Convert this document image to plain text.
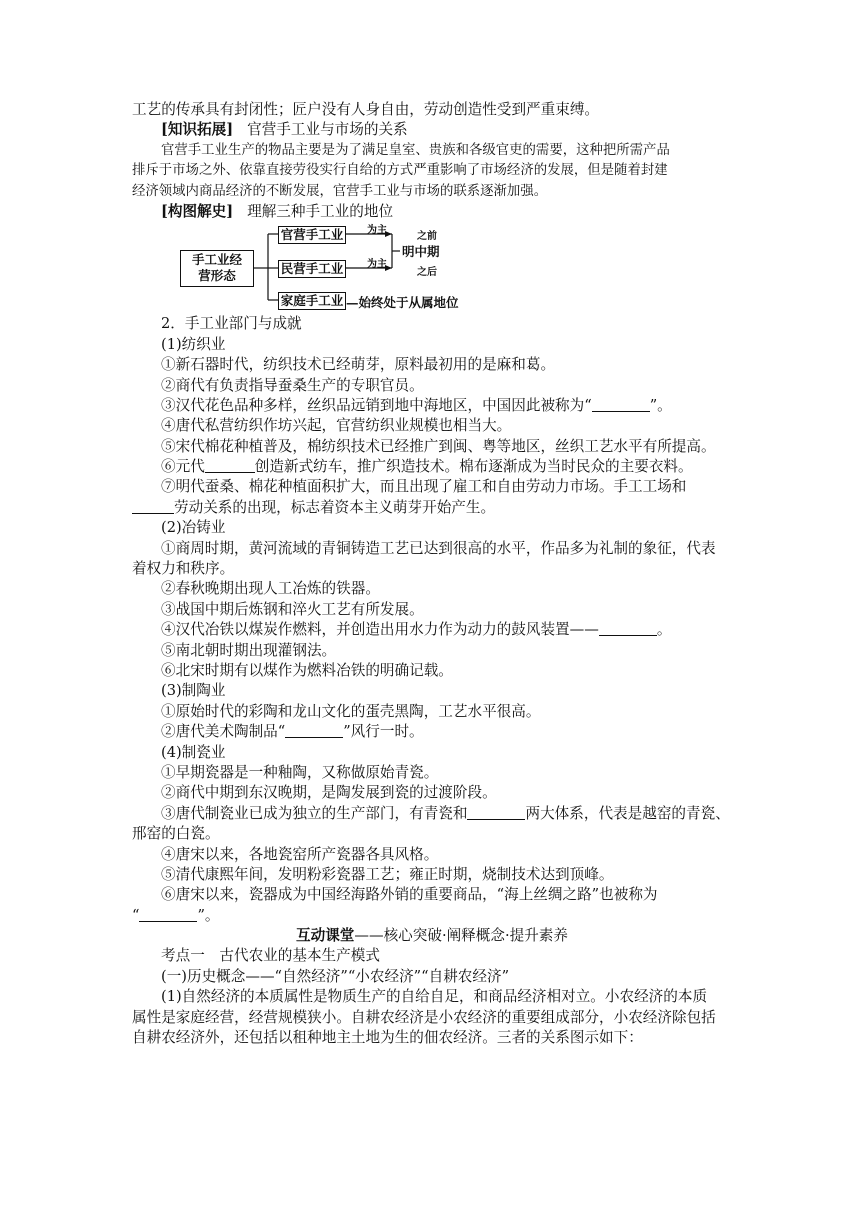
工艺的传承具有封闭性；匠户没有人身自由，劳动创造性受到严重束缚。
[知识拓展] 官营手工业与市场的关系
官营手工业生产的物品主要是为了满足皇室、贵族和各级官吏的需要，这种把所需产品
排斥于市场之外、依靠直接劳役实行自给的方式严重影响了市场经济的发展，但是随着封建
经济领域内商品经济的不断发展，官营手工业与市场的联系逐渐加强。
[构图解史] 理解三种手工业的地位
手工业经
营形态
官营手工业
民营手工业
家庭手工业
为主
为主
之前
之后
明中期
—始终处于从属地位
2．手工业部门与成就
(1)纺织业
①新石器时代，纺织技术已经萌芽，原料最初用的是麻和葛。
②商代有负责指导蚕桑生产的专职官员。
③汉代花色品种多样，丝织品远销到地中海地区，中国因此被称为“	”。
④唐代私营纺织作坊兴起，官营纺织业规模也相当大。
⑤宋代棉花种植普及，棉纺织技术已经推广到闽、粤等地区，丝织工艺水平有所提高。
⑥元代	创造新式纺车，推广织造技术。棉布逐渐成为当时民众的主要衣料。
⑦明代蚕桑、棉花种植面积扩大，而且出现了雇工和自由劳动力市场。手工工场和
劳动关系的出现，标志着资本主义萌芽开始产生。
(2)冶铸业
①商周时期，黄河流域的青铜铸造工艺已达到很高的水平，作品多为礼制的象征，代表
着权力和秩序。
②春秋晚期出现人工冶炼的铁器。
③战国中期后炼钢和淬火工艺有所发展。
④汉代冶铁以煤炭作燃料，并创造出用水力作为动力的鼓风装置——	。
⑤南北朝时期出现灌钢法。
⑥北宋时期有以煤作为燃料冶铁的明确记载。
(3)制陶业
①原始时代的彩陶和龙山文化的蛋壳黑陶，工艺水平很高。
②唐代美术陶制品“	”风行一时。
(4)制瓷业
①早期瓷器是一种釉陶，又称做原始青瓷。
②商代中期到东汉晚期，是陶发展到瓷的过渡阶段。
③唐代制瓷业已成为独立的生产部门，有青瓷和	两大体系，代表是越窑的青瓷、
邢窑的白瓷。
④唐宋以来，各地瓷窑所产瓷器各具风格。
⑤清代康熙年间，发明粉彩瓷器工艺；雍正时期，烧制技术达到顶峰。
⑥唐宋以来，瓷器成为中国经海路外销的重要商品，“海上丝绸之路”也被称为
“	”。
互动课堂——核心突破·阐释概念·提升素养
考点一　古代农业的基本生产模式
(一)历史概念——“自然经济”“小农经济”“自耕农经济”
(1)自然经济的本质属性是物质生产的自给自足，和商品经济相对立。小农经济的本质
属性是家庭经营，经营规模狭小。自耕农经济是小农经济的重要组成部分，小农经济除包括
自耕农经济外，还包括以租种地主土地为生的佃农经济。三者的关系图示如下：
